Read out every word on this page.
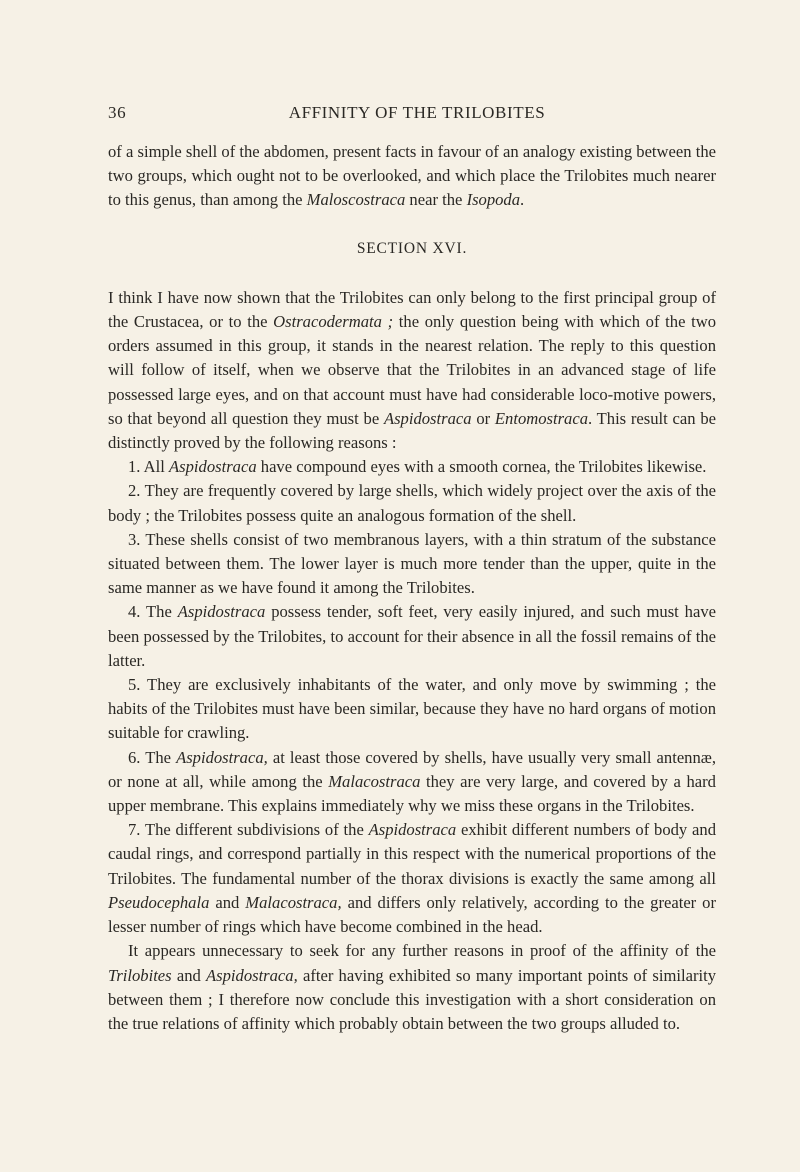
36	AFFINITY OF THE TRILOBITES

of a simple shell of the abdomen, present facts in favour of an analogy existing between the two groups, which ought not to be overlooked, and which place the Trilobites much nearer to this genus, than among the Maloscostraca near the Isopoda.

SECTION XVI.

I think I have now shown that the Trilobites can only belong to the first principal group of the Crustacea, or to the Ostracodermata ; the only question being with which of the two orders assumed in this group, it stands in the nearest relation. The reply to this question will follow of itself, when we observe that the Trilobites in an advanced stage of life possessed large eyes, and on that account must have had considerable loco-motive powers, so that beyond all question they must be Aspidostraca or Entomostraca. This result can be distinctly proved by the following reasons :

1. All Aspidostraca have compound eyes with a smooth cornea, the Trilobites likewise.

2. They are frequently covered by large shells, which widely project over the axis of the body ; the Trilobites possess quite an analogous formation of the shell.

3. These shells consist of two membranous layers, with a thin stratum of the substance situated between them. The lower layer is much more tender than the upper, quite in the same manner as we have found it among the Trilobites.

4. The Aspidostraca possess tender, soft feet, very easily injured, and such must have been possessed by the Trilobites, to account for their absence in all the fossil remains of the latter.

5. They are exclusively inhabitants of the water, and only move by swimming ; the habits of the Trilobites must have been similar, because they have no hard organs of motion suitable for crawling.

6. The Aspidostraca, at least those covered by shells, have usually very small antennæ, or none at all, while among the Malacostraca they are very large, and covered by a hard upper membrane. This explains immediately why we miss these organs in the Trilobites.

7. The different subdivisions of the Aspidostraca exhibit different numbers of body and caudal rings, and correspond partially in this respect with the numerical proportions of the Trilobites. The fundamental number of the thorax divisions is exactly the same among all Pseudocephala and Malacostraca, and differs only relatively, according to the greater or lesser number of rings which have become combined in the head.

It appears unnecessary to seek for any further reasons in proof of the affinity of the Trilobites and Aspidostraca, after having exhibited so many important points of similarity between them ; I therefore now conclude this investigation with a short consideration on the true relations of affinity which probably obtain between the two groups alluded to.
